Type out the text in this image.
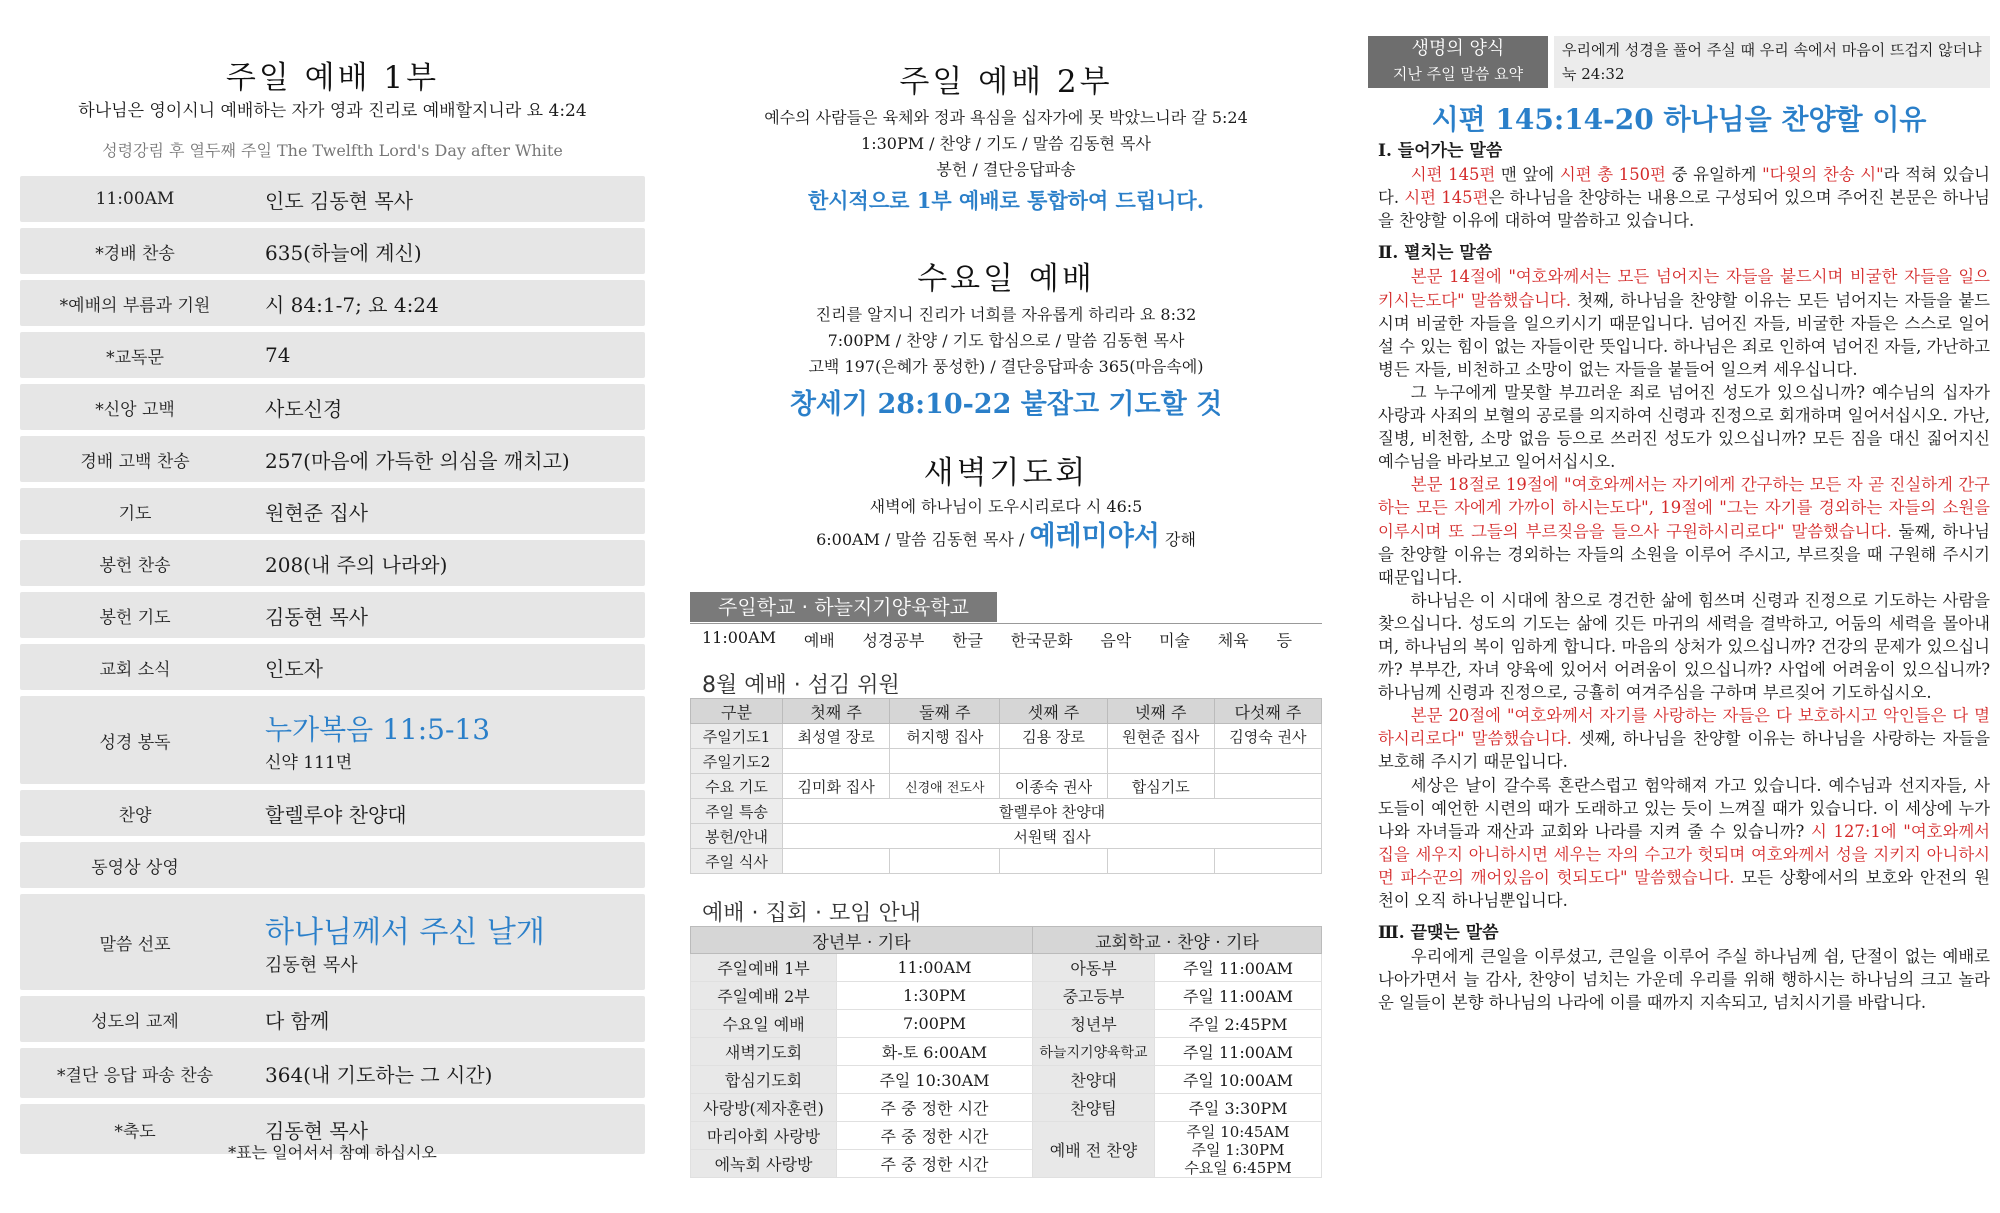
주일 예배 1부
하나님은 영이시니 예배하는 자가 영과 진리로 예배할지니라 요 4:24
성령강림 후 열두째 주일 The Twelfth Lord's Day after White
11:00AM	인도 김동현 목사
*경배 찬송	635(하늘에 계신)
*예배의 부름과 기원	시 84:1-7; 요 4:24
*교독문	74
*신앙 고백	사도신경
경배 고백 찬송	257(마음에 가득한 의심을 깨치고)
기도	원현준 집사
봉헌 찬송	208(내 주의 나라와)
봉헌 기도	김동현 목사
교회 소식	인도자
성경 봉독	누가복음 11:5-13
신약 111면
찬양	할렐루야 찬양대
동영상 상영
말씀 선포	하나님께서 주신 날개
김동현 목사
성도의 교제	다 함께
*결단 응답 파송 찬송	364(내 기도하는 그 시간)
*축도	김동현 목사
*표는 일어서서 참예 하십시오
주일 예배 2부
예수의 사람들은 육체와 정과 욕심을 십자가에 못 박았느니라 갈 5:24
1:30PM / 찬양 / 기도 / 말씀 김동현 목사
봉헌 / 결단응답파송
한시적으로 1부 예배로 통합하여 드립니다.
수요일 예배
진리를 알지니 진리가 너희를 자유롭게 하리라 요 8:32
7:00PM / 찬양 / 기도 합심으로 / 말씀 김동현 목사
고백 197(은혜가 풍성한) / 결단응답파송 365(마음속에)
창세기 28:10-22 붙잡고 기도할 것
새벽기도회
새벽에 하나님이 도우시리로다 시 46:5
6:00AM / 말씀 김동현 목사 / 예레미야서 강해
주일학교 · 하늘지기양육학교
11:00AM 예배 성경공부 한글 한국문화 음악 미술 체육 등
8월 예배 · 섬김 위원
구분	첫째 주	둘째 주	셋째 주	넷째 주	다섯째 주
주일기도1	최성열 장로	허지행 집사	김용 장로	원현준 집사	김영숙 권사
주일기도2					
수요 기도	김미화 집사	신경애 전도사	이종숙 권사	합심기도	
주일 특송	할렐루야 찬양대				
봉헌/안내	서원택 집사				
주일 식사					
예배 · 집회 · 모임 안내
장년부 · 기타		교회학교 · 찬양 · 기타	
주일예배 1부	11:00AM	아동부	주일 11:00AM
주일예배 2부	1:30PM	중고등부	주일 11:00AM
수요일 예배	7:00PM	청년부	주일 2:45PM
새벽기도회	화-토 6:00AM	하늘지기양육학교	주일 11:00AM
합심기도회	주일 10:30AM	찬양대	주일 10:00AM
사랑방(제자훈련)	주 중 정한 시간	찬양팀	주일 3:30PM
마리아회 사랑방	주 중 정한 시간	예배 전 찬양	주일 10:45AM
주일 1:30PM
수요일 6:45PM

에녹회 사랑방	주 중 정한 시간		
생명의 양식
지난 주일 말씀 요약
우리에게 성경을 풀어 주실 때 우리 속에서 마음이 뜨겁지 않더냐 눅 24:32
시편 145:14-20 하나님을 찬양할 이유
Ⅰ. 들어가는 말씀

시편 145편 맨 앞에 시편 총 150편 중 유일하게 "다윗의 찬송 시"라 적혀 있습니다. 시편 145편은 하나님을 찬양하는 내용으로 구성되어 있으며 주어진 본문은 하나님을 찬양할 이유에 대하여 말씀하고 있습니다.

Ⅱ. 펼치는 말씀

본문 14절에 "여호와께서는 모든 넘어지는 자들을 붙드시며 비굴한 자들을 일으키시는도다" 말씀했습니다. 첫째, 하나님을 찬양할 이유는 모든 넘어지는 자들을 붙드시며 비굴한 자들을 일으키시기 때문입니다. 넘어진 자들, 비굴한 자들은 스스로 일어설 수 있는 힘이 없는 자들이란 뜻입니다. 하나님은 죄로 인하여 넘어진 자들, 가난하고 병든 자들, 비천하고 소망이 없는 자들을 붙들어 일으켜 세우십니다.

그 누구에게 말못할 부끄러운 죄로 넘어진 성도가 있으십니까? 예수님의 십자가 사랑과 사죄의 보혈의 공로를 의지하여 신령과 진정으로 회개하며 일어서십시오. 가난, 질병, 비천함, 소망 없음 등으로 쓰러진 성도가 있으십니까? 모든 짐을 대신 짊어지신 예수님을 바라보고 일어서십시오.

본문 18절로 19절에 "여호와께서는 자기에게 간구하는 모든 자 곧 진실하게 간구하는 모든 자에게 가까이 하시는도다", 19절에 "그는 자기를 경외하는 자들의 소원을 이루시며 또 그들의 부르짖음을 들으사 구원하시리로다" 말씀했습니다. 둘째, 하나님을 찬양할 이유는 경외하는 자들의 소원을 이루어 주시고, 부르짖을 때 구원해 주시기 때문입니다.

하나님은 이 시대에 참으로 경건한 삶에 힘쓰며 신령과 진정으로 기도하는 사람을 찾으십니다. 성도의 기도는 삶에 깃든 마귀의 세력을 결박하고, 어둠의 세력을 몰아내며, 하나님의 복이 임하게 합니다. 마음의 상처가 있으십니까? 건강의 문제가 있으십니까? 부부간, 자녀 양육에 있어서 어려움이 있으십니까? 사업에 어려움이 있으십니까? 하나님께 신령과 진정으로, 긍휼히 여겨주심을 구하며 부르짖어 기도하십시오.

본문 20절에 "여호와께서 자기를 사랑하는 자들은 다 보호하시고 악인들은 다 멸하시리로다" 말씀했습니다. 셋째, 하나님을 찬양할 이유는 하나님을 사랑하는 자들을 보호해 주시기 때문입니다.

세상은 날이 갈수록 혼란스럽고 험악해져 가고 있습니다. 예수님과 선지자들, 사도들이 예언한 시련의 때가 도래하고 있는 듯이 느껴질 때가 있습니다. 이 세상에 누가 나와 자녀들과 재산과 교회와 나라를 지켜 줄 수 있습니까? 시 127:1에 "여호와께서 집을 세우지 아니하시면 세우는 자의 수고가 헛되며 여호와께서 성을 지키지 아니하시면 파수꾼의 깨어있음이 헛되도다" 말씀했습니다. 모든 상황에서의 보호와 안전의 원천이 오직 하나님뿐입니다.

Ⅲ. 끝맺는 말씀

우리에게 큰일을 이루셨고, 큰일을 이루어 주실 하나님께 쉼, 단절이 없는 예배로 나아가면서 늘 감사, 찬양이 넘치는 가운데 우리를 위해 행하시는 하나님의 크고 놀라운 일들이 본향 하나님의 나라에 이를 때까지 지속되고, 넘치시기를 바랍니다.
